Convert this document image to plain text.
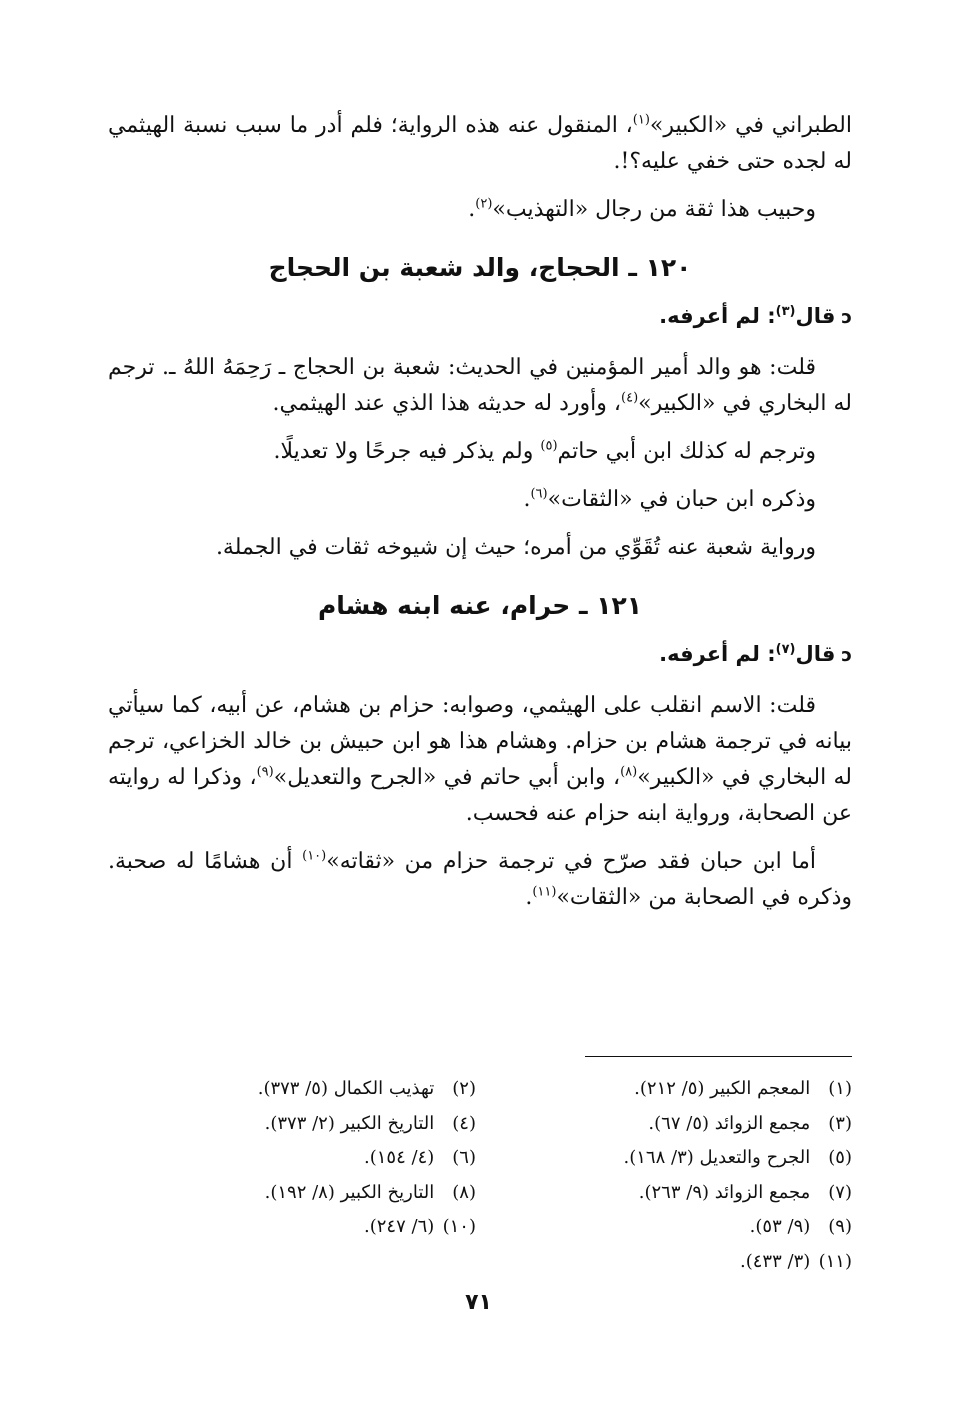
الطبراني في «الكبير»$^{(١)}$، المنقول عنه هذه الرواية؛ فلم أدر ما سبب نسبة الهيثمي له لجده حتى خفي عليه؟!.

وحبيب هذا ثقة من رجال «التهذيب»$^{(٢)}$.

١٢٠ ـ الحجاج، والد شعبة بن الحجاج
ɔقال$^{(٣)}$: لم أعرفه.

قلت: هو والد أمير المؤمنين في الحديث: شعبة بن الحجاج ـ رَحِمَهُ اللهُ ـ. ترجم له البخاري في «الكبير»$^{(٤)}$، وأورد له حديثه هذا الذي عند الهيثمي.

وترجم له كذلك ابن أبي حاتم$^{(٥)}$ ولم يذكر فيه جرحًا ولا تعديلًا.

وذكره ابن حبان في «الثقات»$^{(٦)}$.

ورواية شعبة عنه تُقَوِّي من أمره؛ حيث إن شيوخه ثقات في الجملة.

١٢١ ـ حرام، عنه ابنه هشام
ɔقال$^{(٧)}$: لم أعرفه.

قلت: الاسم انقلب على الهيثمي، وصوابه: حزام بن هشام، عن أبيه، كما سيأتي بيانه في ترجمة هشام بن حزام. وهشام هذا هو ابن حبيش بن خالد الخزاعي، ترجم له البخاري في «الكبير»$^{(٨)}$، وابن أبي حاتم في «الجرح والتعديل»$^{(٩)}$، وذكرا له روايته عن الصحابة، ورواية ابنه حزام عنه فحسب.

أما ابن حبان فقد صرّح في ترجمة حزام من «ثقاته»$^{(١٠)}$ أن هشامًا له صحبة. وذكره في الصحابة من «الثقات»$^{(١١)}$.

(١) المعجم الكبير (٥/ ٢١٢).
(٢) تهذيب الكمال (٥/ ٣٧٣).
(٣) مجمع الزوائد (٥/ ٦٧).
(٤) التاريخ الكبير (٢/ ٣٧٣).
(٥) الجرح والتعديل (٣/ ١٦٨).
(٦) (٤/ ١٥٤).
(٧) مجمع الزوائد (٩/ ٢٦٣).
(٨) التاريخ الكبير (٨/ ١٩٢).
(٩) (٩/ ٥٣).
(١٠) (٦/ ٢٤٧).
(١١) (٣/ ٤٣٣).
٧١
